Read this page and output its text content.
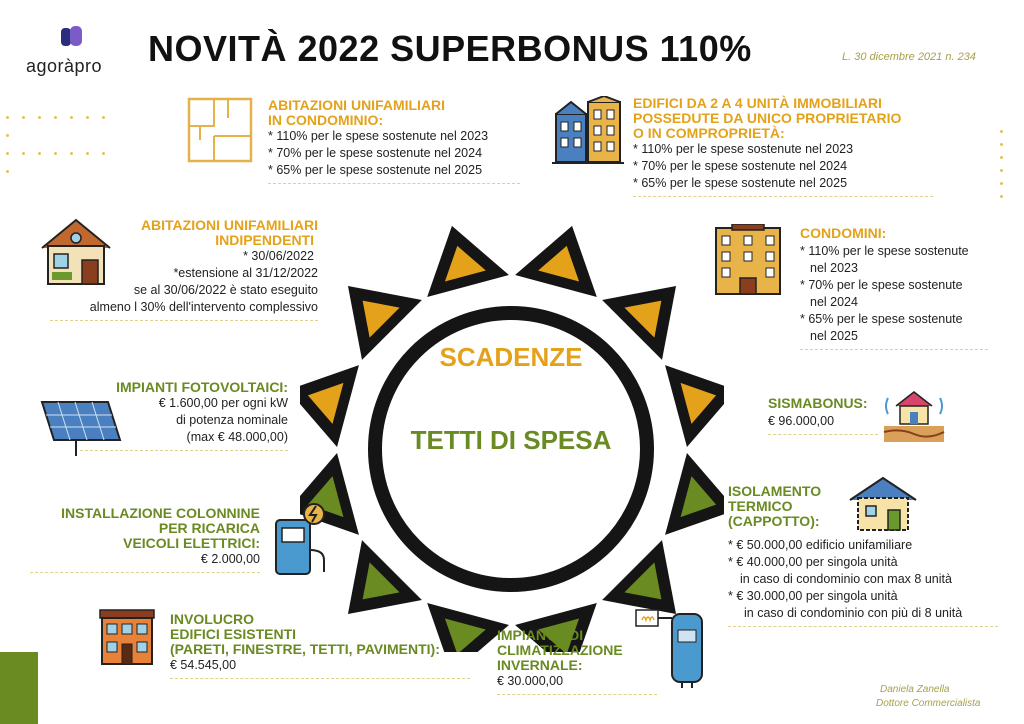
agoràpro NOVITÀ 2022 SUPERBONUS 110%	L. 30 dicembre 2021 n. 234
SCADENZE
TETTI DI SPESA
ABITAZIONI UNIFAMILIARI
IN CONDOMINIO:
* 110% per le spese sostenute nel 2023
* 70% per le spese sostenute nel 2024
* 65% per le spese sostenute nel 2025
EDIFICI DA 2 A 4 UNITÀ IMMOBILIARI
POSSEDUTE DA UNICO PROPRIETARIO
O IN COMPROPRIETÀ:
* 110% per le spese sostenute nel 2023
* 70% per le spese sostenute nel 2024
* 65% per le spese sostenute nel 2025
ABITAZIONI UNIFAMILIARI
INDIPENDENTI
* 30/06/2022
*estensione al 31/12/2022
se al 30/06/2022 è stato eseguito
almeno l 30% dell'intervento complessivo
CONDOMINI:
* 110% per le spese sostenute
nel 2023
* 70% per le spese sostenute
nel 2024
* 65% per le spese sostenute
nel 2025
IMPIANTI FOTOVOLTAICI:
€ 1.600,00 per ogni kW
di potenza nominale
(max € 48.000,00)
SISMABONUS:
€ 96.000,00
INSTALLAZIONE COLONNINE
PER RICARICA
VEICOLI ELETTRICI:
€ 2.000,00
ISOLAMENTO
TERMICO
(CAPPOTTO):
* € 50.000,00 edificio unifamiliare
* € 40.000,00 per singola unità
in caso di condominio con max 8 unità
* € 30.000,00 per singola unità
in caso di condominio con più di 8 unità
INVOLUCRO
EDIFICI ESISTENTI
(PARETI, FINESTRE, TETTI, PAVIMENTI):
€ 54.545,00
IMPIANTO DI
CLIMATIZZAZIONE
INVERNALE:
€ 30.000,00
Daniela Zanella
Dottore Commercialista
